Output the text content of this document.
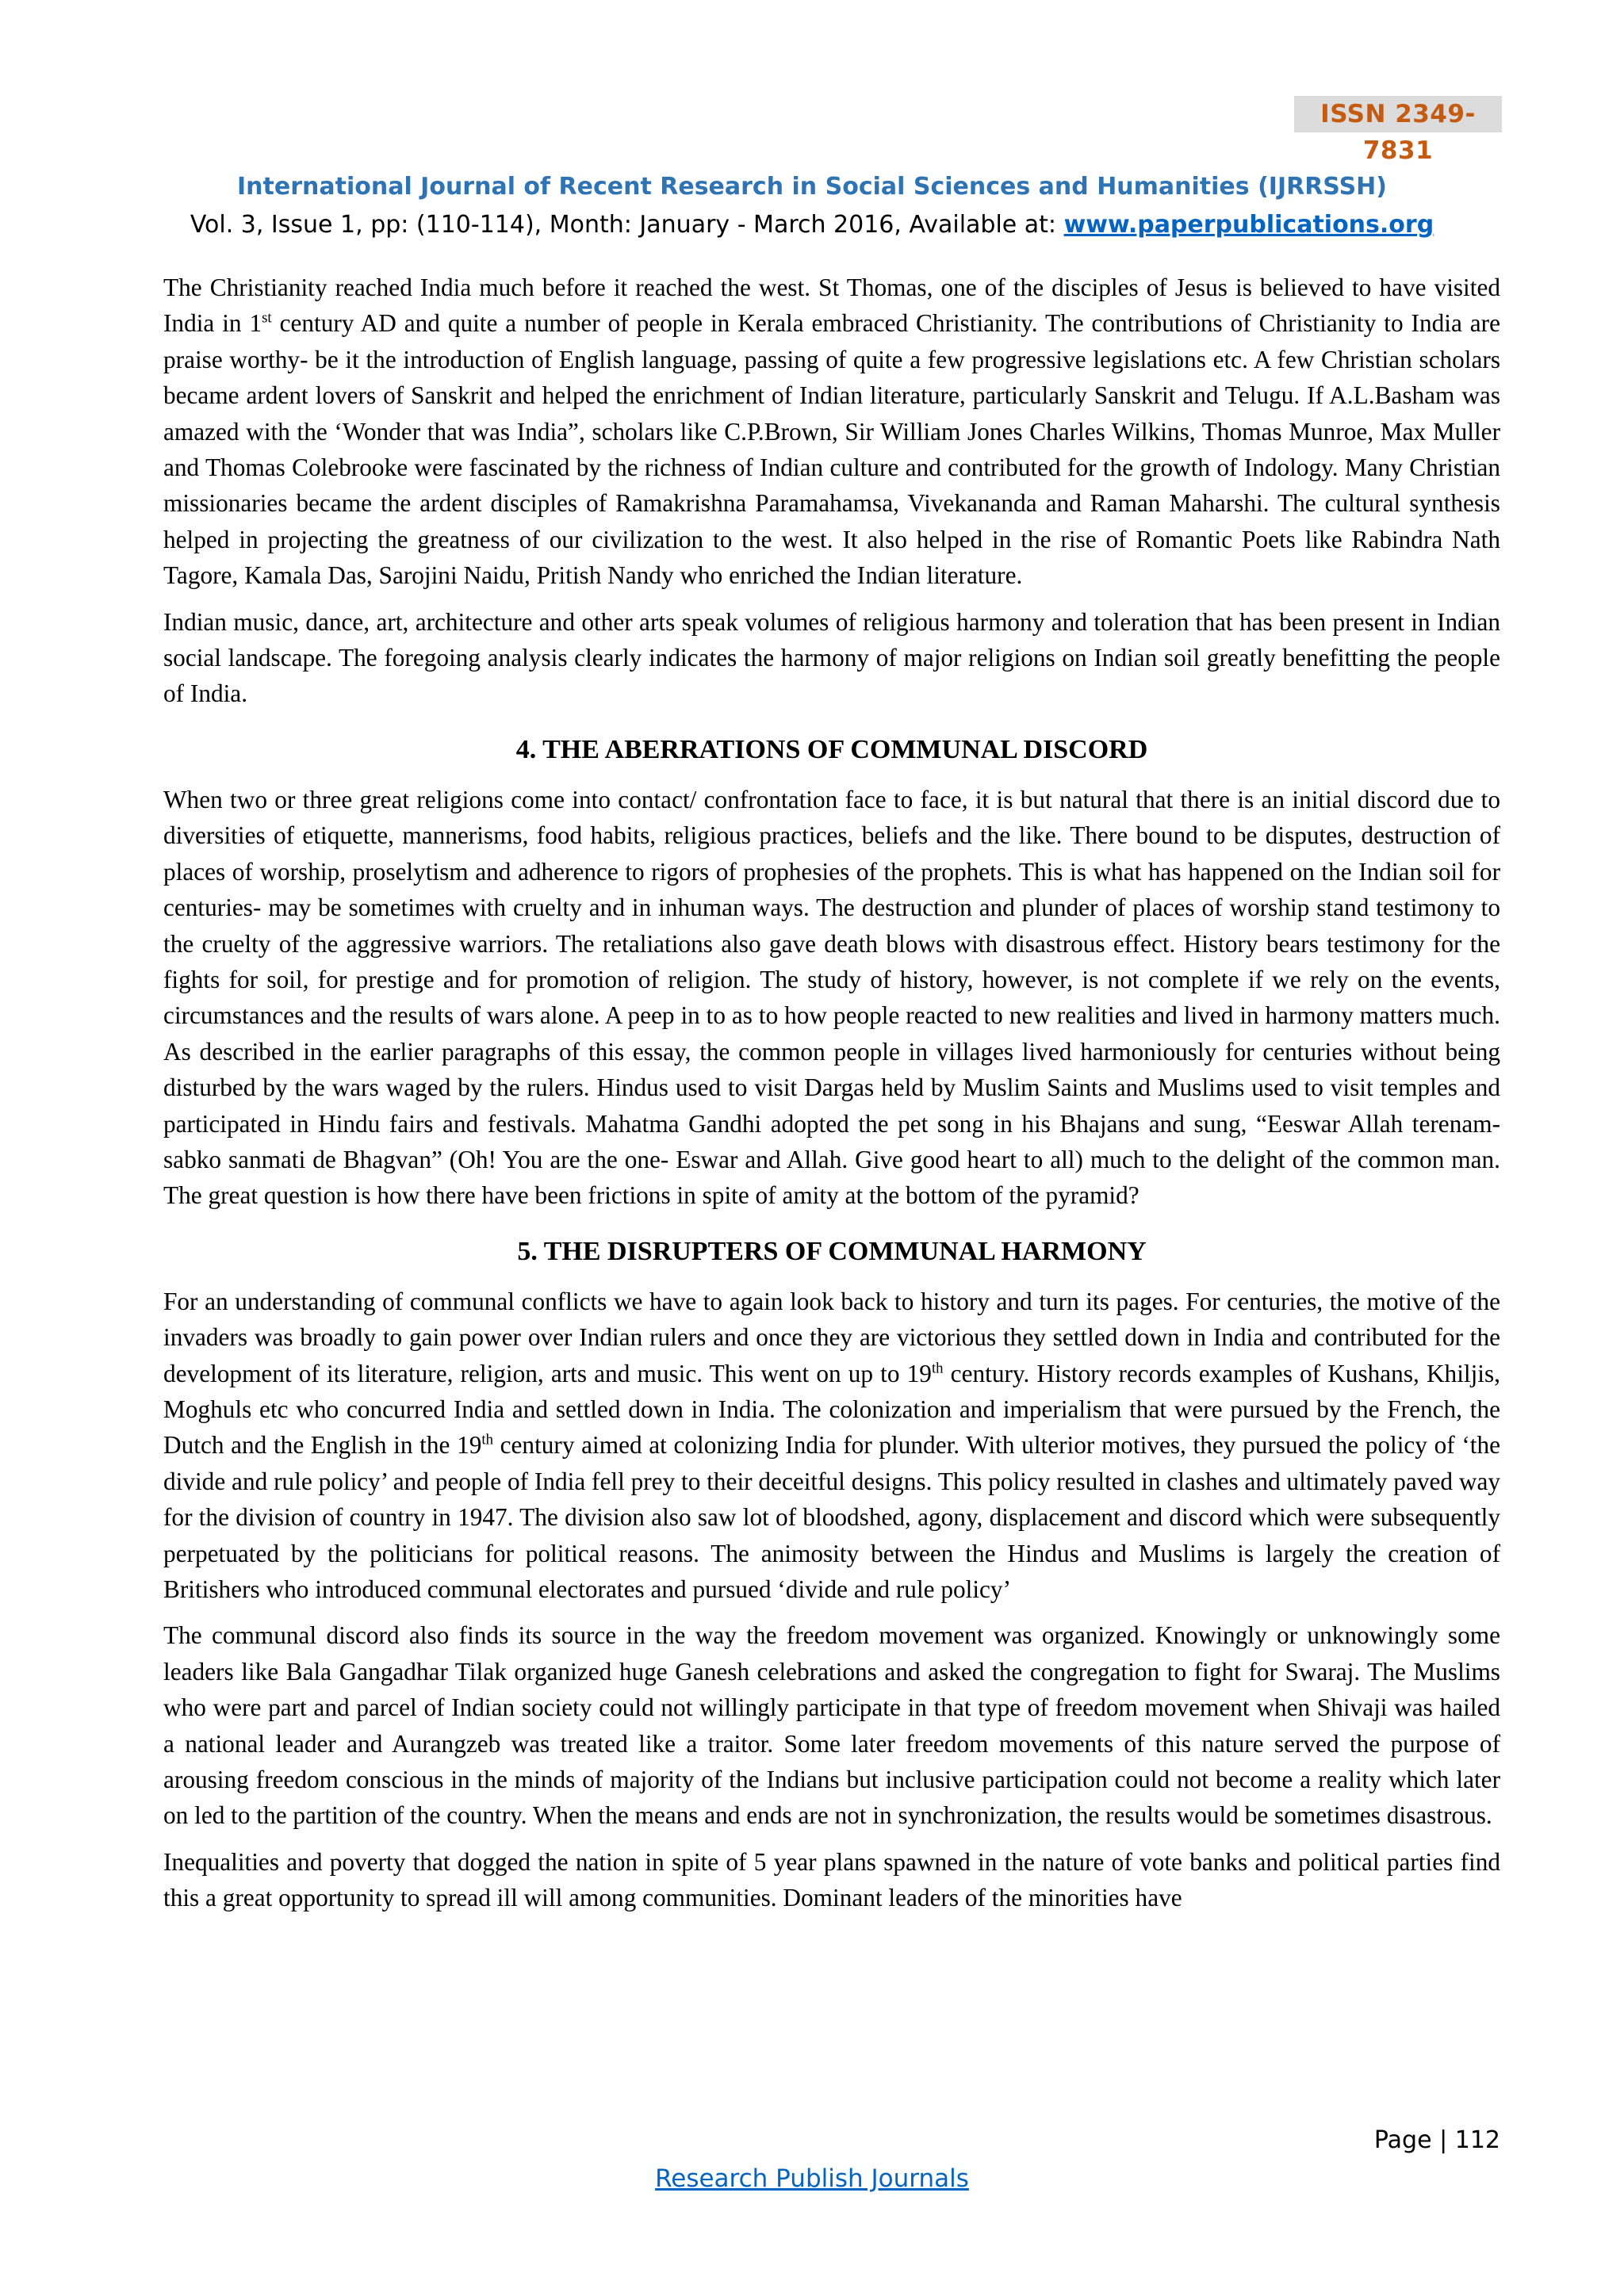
ISSN 2349-7831
International Journal of Recent Research in Social Sciences and Humanities (IJRRSSH)
Vol. 3, Issue 1, pp: (110-114), Month: January - March 2016, Available at: www.paperpublications.org

The Christianity reached India much before it reached the west. St Thomas, one of the disciples of Jesus is believed to have visited India in 1st century AD and quite a number of people in Kerala embraced Christianity. The contributions of Christianity to India are praise worthy- be it the introduction of English language, passing of quite a few progressive legislations etc. A few Christian scholars became ardent lovers of Sanskrit and helped the enrichment of Indian literature, particularly Sanskrit and Telugu. If A.L.Basham was amazed with the ‘Wonder that was India”, scholars like C.P.Brown, Sir William Jones Charles Wilkins, Thomas Munroe, Max Muller and Thomas Colebrooke were fascinated by the richness of Indian culture and contributed for the growth of Indology. Many Christian missionaries became the ardent disciples of Ramakrishna Paramahamsa, Vivekananda and Raman Maharshi. The cultural synthesis helped in projecting the greatness of our civilization to the west. It also helped in the rise of Romantic Poets like Rabindra Nath Tagore, Kamala Das, Sarojini Naidu, Pritish Nandy who enriched the Indian literature.

Indian music, dance, art, architecture and other arts speak volumes of religious harmony and toleration that has been present in Indian social landscape. The foregoing analysis clearly indicates the harmony of major religions on Indian soil greatly benefitting the people of India.

4. THE ABERRATIONS OF COMMUNAL DISCORD

When two or three great religions come into contact/ confrontation face to face, it is but natural that there is an initial discord due to diversities of etiquette, mannerisms, food habits, religious practices, beliefs and the like. There bound to be disputes, destruction of places of worship, proselytism and adherence to rigors of prophesies of the prophets. This is what has happened on the Indian soil for centuries- may be sometimes with cruelty and in inhuman ways. The destruction and plunder of places of worship stand testimony to the cruelty of the aggressive warriors. The retaliations also gave death blows with disastrous effect. History bears testimony for the fights for soil, for prestige and for promotion of religion. The study of history, however, is not complete if we rely on the events, circumstances and the results of wars alone. A peep in to as to how people reacted to new realities and lived in harmony matters much. As described in the earlier paragraphs of this essay, the common people in villages lived harmoniously for centuries without being disturbed by the wars waged by the rulers. Hindus used to visit Dargas held by Muslim Saints and Muslims used to visit temples and participated in Hindu fairs and festivals. Mahatma Gandhi adopted the pet song in his Bhajans and sung, “Eeswar Allah terenam- sabko sanmati de Bhagvan” (Oh! You are the one- Eswar and Allah. Give good heart to all) much to the delight of the common man. The great question is how there have been frictions in spite of amity at the bottom of the pyramid?

5. THE DISRUPTERS OF COMMUNAL HARMONY

For an understanding of communal conflicts we have to again look back to history and turn its pages. For centuries, the motive of the invaders was broadly to gain power over Indian rulers and once they are victorious they settled down in India and contributed for the development of its literature, religion, arts and music. This went on up to 19th century. History records examples of Kushans, Khiljis, Moghuls etc who concurred India and settled down in India. The colonization and imperialism that were pursued by the French, the Dutch and the English in the 19th century aimed at colonizing India for plunder. With ulterior motives, they pursued the policy of ‘the divide and rule policy’ and people of India fell prey to their deceitful designs. This policy resulted in clashes and ultimately paved way for the division of country in 1947. The division also saw lot of bloodshed, agony, displacement and discord which were subsequently perpetuated by the politicians for political reasons. The animosity between the Hindus and Muslims is largely the creation of Britishers who introduced communal electorates and pursued ‘divide and rule policy’

The communal discord also finds its source in the way the freedom movement was organized. Knowingly or unknowingly some leaders like Bala Gangadhar Tilak organized huge Ganesh celebrations and asked the congregation to fight for Swaraj. The Muslims who were part and parcel of Indian society could not willingly participate in that type of freedom movement when Shivaji was hailed a national leader and Aurangzeb was treated like a traitor. Some later freedom movements of this nature served the purpose of arousing freedom conscious in the minds of majority of the Indians but inclusive participation could not become a reality which later on led to the partition of the country. When the means and ends are not in synchronization, the results would be sometimes disastrous.

Inequalities and poverty that dogged the nation in spite of 5 year plans spawned in the nature of vote banks and political parties find this a great opportunity to spread ill will among communities. Dominant leaders of the minorities have

Page | 112
Research Publish Journals
